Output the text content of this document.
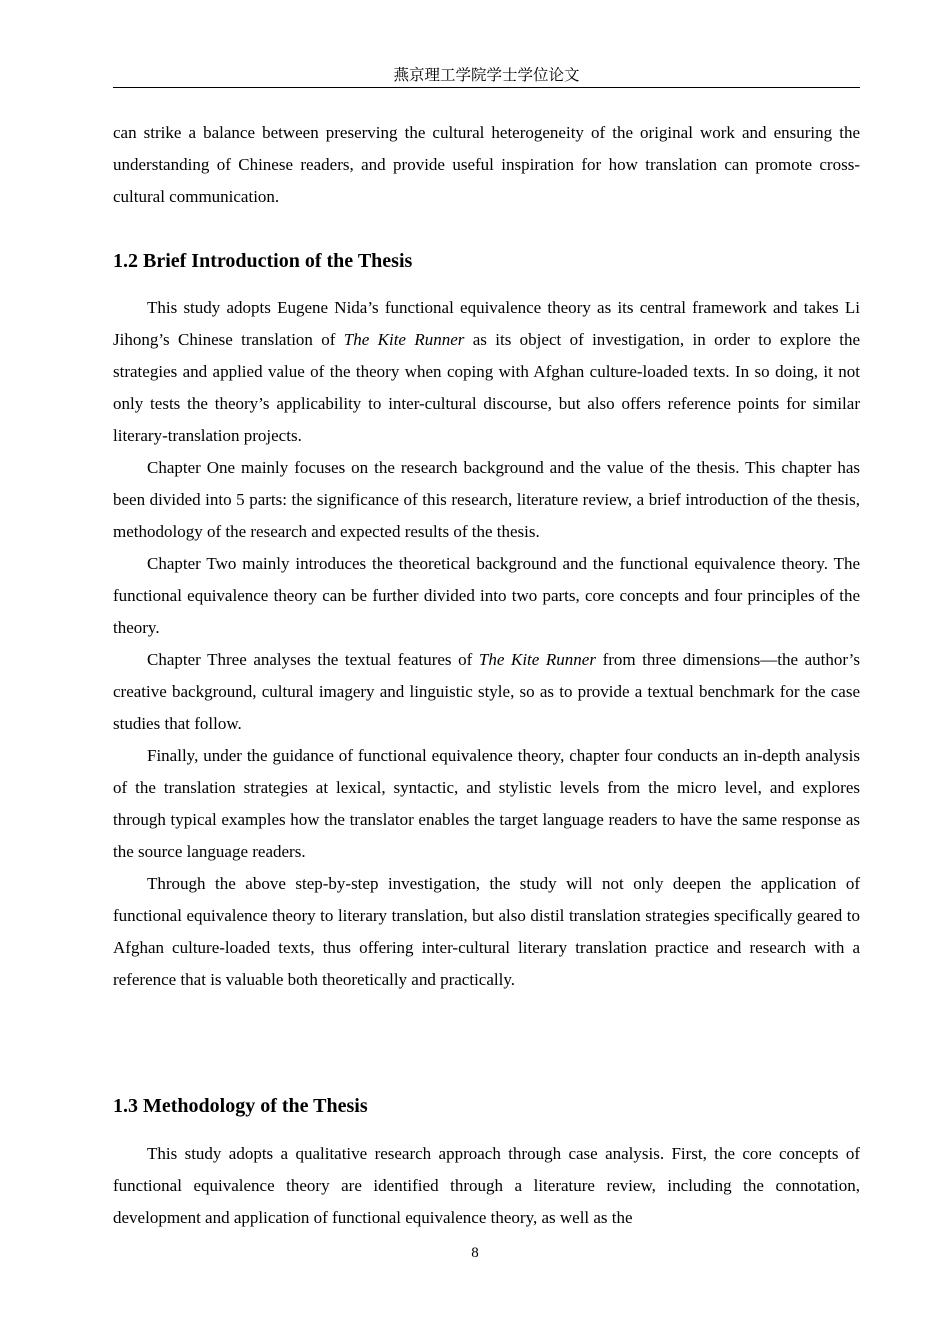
燕京理工学院学士学位论文
can strike a balance between preserving the cultural heterogeneity of the original work and ensuring the understanding of Chinese readers, and provide useful inspiration for how translation can promote cross-cultural communication.
1.2 Brief Introduction of the Thesis

This study adopts Eugene Nida’s functional equivalence theory as its central framework and takes Li Jihong’s Chinese translation of The Kite Runner as its object of investigation, in order to explore the strategies and applied value of the theory when coping with Afghan culture-loaded texts. In so doing, it not only tests the theory’s applicability to inter-cultural discourse, but also offers reference points for similar literary-translation projects.

Chapter One mainly focuses on the research background and the value of the thesis. This chapter has been divided into 5 parts: the significance of this research, literature review, a brief introduction of the thesis, methodology of the research and expected results of the thesis.

Chapter Two mainly introduces the theoretical background and the functional equivalence theory. The functional equivalence theory can be further divided into two parts, core concepts and four principles of the theory.

Chapter Three analyses the textual features of The Kite Runner from three dimensions—the author’s creative background, cultural imagery and linguistic style, so as to provide a textual benchmark for the case studies that follow.

Finally, under the guidance of functional equivalence theory, chapter four conducts an in-depth analysis of the translation strategies at lexical, syntactic, and stylistic levels from the micro level, and explores through typical examples how the translator enables the target language readers to have the same response as the source language readers.

Through the above step-by-step investigation, the study will not only deepen the application of functional equivalence theory to literary translation, but also distil translation strategies specifically geared to Afghan culture-loaded texts, thus offering inter-cultural literary translation practice and research with a reference that is valuable both theoretically and practically.

1.3 Methodology of the Thesis

This study adopts a qualitative research approach through case analysis. First, the core concepts of functional equivalence theory are identified through a literature review, including the connotation, development and application of functional equivalence theory, as well as the

8
